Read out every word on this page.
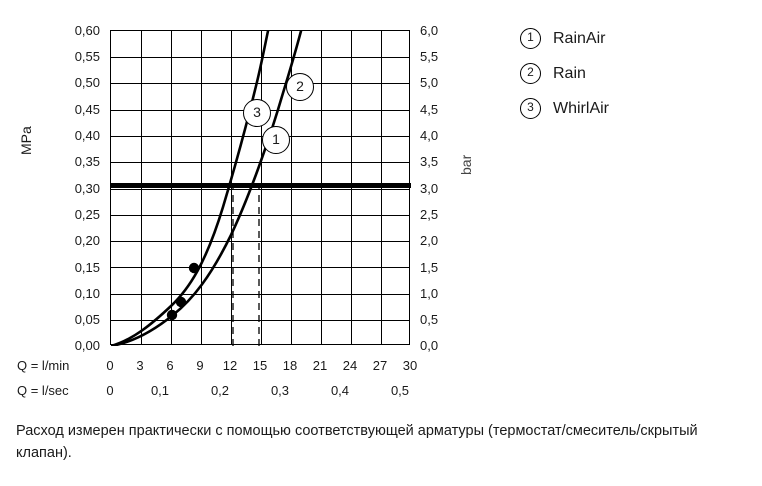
MPa
bar
0,60
0,55
0,50
0,45
0,40
0,35
0,30
0,25
0,20
0,15
0,10
0,05
0,00
6,0
5,5
5,0
4,5
4,0
3,5
3,0
2,5
2,0
1,5
1,0
0,5
0,0
1
2
3
Q = l/min	0	3	6	9	12	15	18	21	24	27	30
Q = l/sec	0	0,1	0,2	0,3	0,4	0,5
1	RainAir
2	Rain
3	WhirlAir
Расход измерен практически с помощью соответствующей арматуры (термостат/смеситель/скрытый клапан).
